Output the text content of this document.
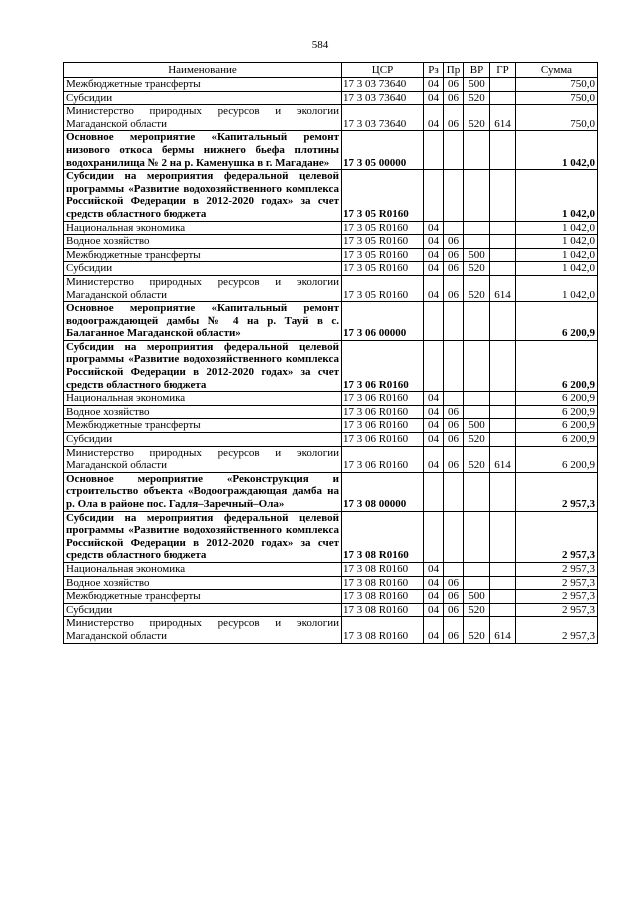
584
Наименование	ЦСР	Рз	Пр	ВР	ГР	Сумма
Межбюджетные трансферты	17 3 03 73640	04	06	500		750,0
Субсидии	17 3 03 73640	04	06	520		750,0
Министерство природных ресурсов и экологии Магаданской области	17 3 03 73640	04	06	520	614	750,0
Основное мероприятие «Капитальный ремонт низового откоса бермы нижнего бьефа плотины водохранилища № 2 на р. Каменушка в г. Магадане»	17 3 05 00000					1 042,0
Субсидии на мероприятия федеральной целевой программы «Развитие водохозяйственного комплекса Российской Федерации в 2012-2020 годах» за счет средств областного бюджета	17 3 05 R0160					1 042,0
Национальная экономика	17 3 05 R0160	04				1 042,0
Водное хозяйство	17 3 05 R0160	04	06			1 042,0
Межбюджетные трансферты	17 3 05 R0160	04	06	500		1 042,0
Субсидии	17 3 05 R0160	04	06	520		1 042,0
Министерство природных ресурсов и экологии Магаданской области	17 3 05 R0160	04	06	520	614	1 042,0
Основное мероприятие «Капитальный ремонт водоограждающей дамбы № 4 на р. Тауй в с. Балаганное Магаданской области»	17 3 06 00000					6 200,9
Субсидии на мероприятия федеральной целевой программы «Развитие водохозяйственного комплекса Российской Федерации в 2012-2020 годах» за счет средств областного бюджета	17 3 06 R0160					6 200,9
Национальная экономика	17 3 06 R0160	04				6 200,9
Водное хозяйство	17 3 06 R0160	04	06			6 200,9
Межбюджетные трансферты	17 3 06 R0160	04	06	500		6 200,9
Субсидии	17 3 06 R0160	04	06	520		6 200,9
Министерство природных ресурсов и экологии Магаданской области	17 3 06 R0160	04	06	520	614	6 200,9
Основное мероприятие «Реконструкция и строительство объекта «Водоограждающая дамба на р. Ола в районе пос. Гадля–Заречный–Ола»	17 3 08 00000					2 957,3
Субсидии на мероприятия федеральной целевой программы «Развитие водохозяйственного комплекса Российской Федерации в 2012-2020 годах» за счет средств областного бюджета	17 3 08 R0160					2 957,3
Национальная экономика	17 3 08 R0160	04				2 957,3
Водное хозяйство	17 3 08 R0160	04	06			2 957,3
Межбюджетные трансферты	17 3 08 R0160	04	06	500		2 957,3
Субсидии	17 3 08 R0160	04	06	520		2 957,3
Министерство природных ресурсов и экологии Магаданской области	17 3 08 R0160	04	06	520	614	2 957,3
